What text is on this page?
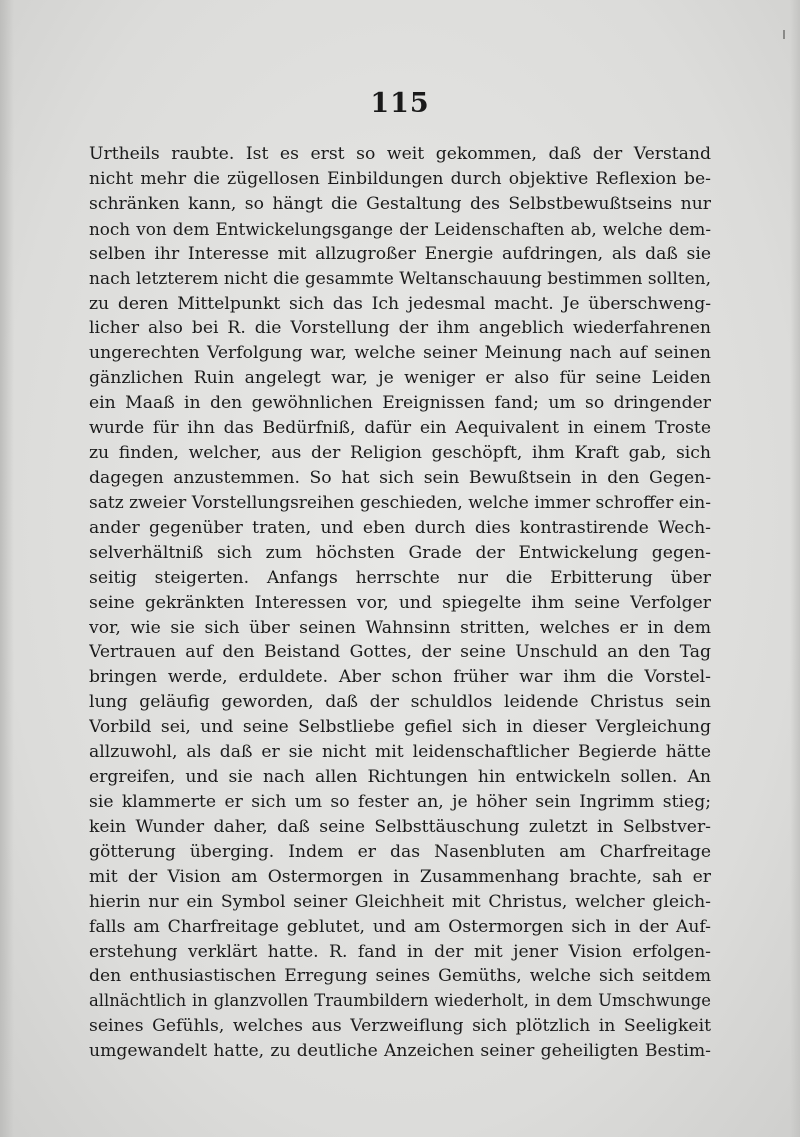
115
Urtheils raubte. Ist es erst so weit gekommen, daß der Verstand
nicht mehr die zügellosen Einbildungen durch objektive Reflexion be-
schränken kann, so hängt die Gestaltung des Selbstbewußtseins nur
noch von dem Entwickelungsgange der Leidenschaften ab, welche dem-
selben ihr Interesse mit allzugroßer Energie aufdringen, als daß sie
nach letzterem nicht die gesammte Weltanschauung bestimmen sollten,
zu deren Mittelpunkt sich das Ich jedesmal macht. Je überschweng-
licher also bei R. die Vorstellung der ihm angeblich wiederfahrenen
ungerechten Verfolgung war, welche seiner Meinung nach auf seinen
gänzlichen Ruin angelegt war, je weniger er also für seine Leiden
ein Maaß in den gewöhnlichen Ereignissen fand; um so dringender
wurde für ihn das Bedürfniß, dafür ein Aequivalent in einem Troste
zu finden, welcher, aus der Religion geschöpft, ihm Kraft gab, sich
dagegen anzustemmen. So hat sich sein Bewußtsein in den Gegen-
satz zweier Vorstellungsreihen geschieden, welche immer schroffer ein-
ander gegenüber traten, und eben durch dies kontrastirende Wech-
selverhältniß sich zum höchsten Grade der Entwickelung gegen-
seitig steigerten. Anfangs herrschte nur die Erbitterung über
seine gekränkten Interessen vor, und spiegelte ihm seine Verfolger
vor, wie sie sich über seinen Wahnsinn stritten, welches er in dem
Vertrauen auf den Beistand Gottes, der seine Unschuld an den Tag
bringen werde, erduldete. Aber schon früher war ihm die Vorstel-
lung geläufig geworden, daß der schuldlos leidende Christus sein
Vorbild sei, und seine Selbstliebe gefiel sich in dieser Vergleichung
allzuwohl, als daß er sie nicht mit leidenschaftlicher Begierde hätte
ergreifen, und sie nach allen Richtungen hin entwickeln sollen. An
sie klammerte er sich um so fester an, je höher sein Ingrimm stieg;
kein Wunder daher, daß seine Selbsttäuschung zuletzt in Selbstver-
götterung überging. Indem er das Nasenbluten am Charfreitage
mit der Vision am Ostermorgen in Zusammenhang brachte, sah er
hierin nur ein Symbol seiner Gleichheit mit Christus, welcher gleich-
falls am Charfreitage geblutet, und am Ostermorgen sich in der Auf-
erstehung verklärt hatte. R. fand in der mit jener Vision erfolgen-
den enthusiastischen Erregung seines Gemüths, welche sich seitdem
allnächtlich in glanzvollen Traumbildern wiederholt, in dem Umschwunge
seines Gefühls, welches aus Verzweiflung sich plötzlich in Seeligkeit
umgewandelt hatte, zu deutliche Anzeichen seiner geheiligten Bestim-
